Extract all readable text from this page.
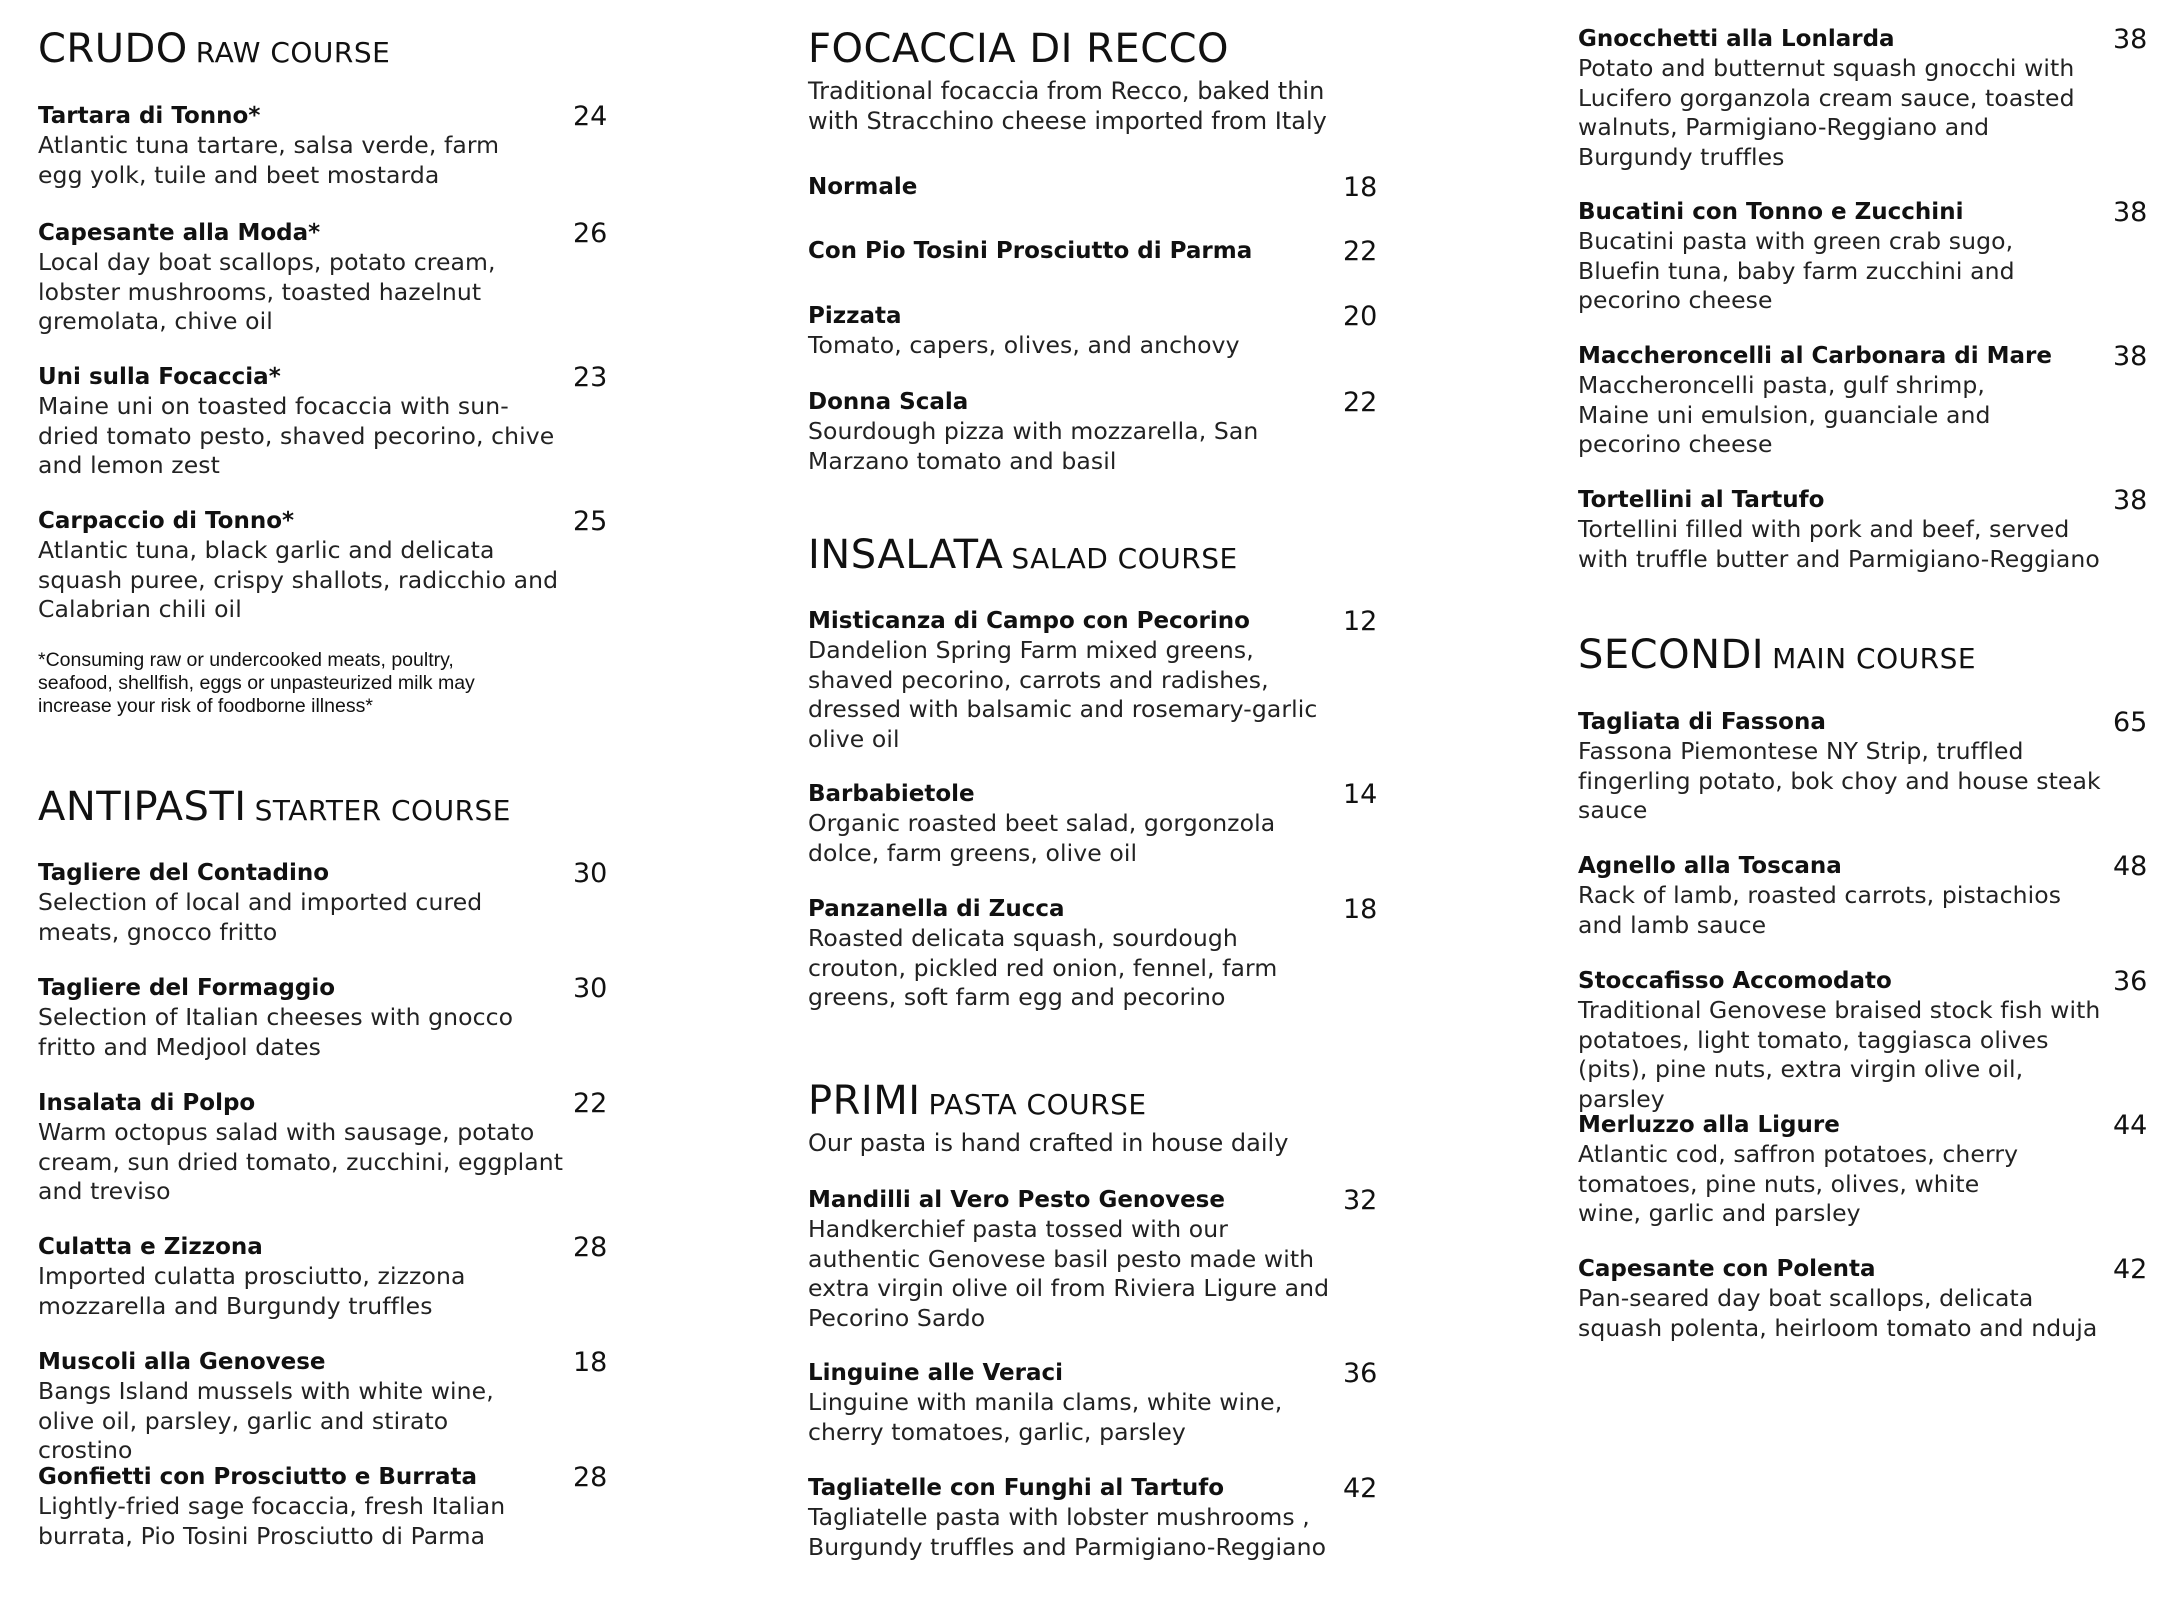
CRUDO RAW COURSE
Tartara di Tonno*	24
Atlantic tuna tartare, salsa verde, farm egg yolk, tuile and beet mostarda
Capesante alla Moda*	26
Local day boat scallops, potato cream, lobster mushrooms, toasted hazelnut gremolata, chive oil
Uni sulla Focaccia*	23
Maine uni on toasted focaccia with sun-dried tomato pesto, shaved pecorino, chive and lemon zest
Carpaccio di Tonno*	25
Atlantic tuna, black garlic and delicata squash puree, crispy shallots, radicchio and Calabrian chili oil
*Consuming raw or undercooked meats, poultry, seafood, shellfish, eggs or unpasteurized milk may increase your risk of foodborne illness*
ANTIPASTI STARTER COURSE
Tagliere del Contadino	30
Selection of local and imported cured meats, gnocco fritto
Tagliere del Formaggio	30
Selection of Italian cheeses with gnocco fritto and Medjool dates
Insalata di Polpo	22
Warm octopus salad with sausage, potato cream, sun dried tomato, zucchini, eggplant and treviso
Culatta e Zizzona	28
Imported culatta prosciutto, zizzona mozzarella and Burgundy truffles
Muscoli alla Genovese	18
Bangs Island mussels with white wine, olive oil, parsley, garlic and stirato crostino
Gonfietti con Prosciutto e Burrata	28
Lightly-fried sage focaccia, fresh Italian burrata, Pio Tosini Prosciutto di Parma
FOCACCIA DI RECCO
Traditional focaccia from Recco, baked thin with Stracchino cheese imported from Italy
Normale	18
Con Pio Tosini Prosciutto di Parma	22
Pizzata	20
Tomato, capers, olives, and anchovy
Donna Scala	22
Sourdough pizza with mozzarella, San Marzano tomato and basil
INSALATA SALAD COURSE
Misticanza di Campo con Pecorino	12
Dandelion Spring Farm mixed greens, shaved pecorino, carrots and radishes, dressed with balsamic and rosemary-garlic olive oil
Barbabietole	14
Organic roasted beet salad, gorgonzola dolce, farm greens, olive oil
Panzanella di Zucca	18
Roasted delicata squash, sourdough crouton, pickled red onion, fennel, farm greens, soft farm egg and pecorino
PRIMI PASTA COURSE
Our pasta is hand crafted in house daily
Mandilli al Vero Pesto Genovese	32
Handkerchief pasta tossed with our authentic Genovese basil pesto made with extra virgin olive oil from Riviera Ligure and Pecorino Sardo
Linguine alle Veraci	36
Linguine with manila clams, white wine, cherry tomatoes, garlic, parsley
Tagliatelle con Funghi al Tartufo	42
Tagliatelle pasta with lobster mushrooms , Burgundy truffles and Parmigiano-Reggiano
Gnocchetti alla Lonlarda	38
Potato and butternut squash gnocchi with Lucifero gorganzola cream sauce, toasted walnuts, Parmigiano-Reggiano and Burgundy truffles
Bucatini con Tonno e Zucchini	38
Bucatini pasta with green crab sugo, Bluefin tuna, baby farm zucchini and pecorino cheese
Maccheroncelli al Carbonara di Mare	38
Maccheroncelli pasta, gulf shrimp, Maine uni emulsion, guanciale and pecorino cheese
Tortellini al Tartufo	38
Tortellini filled with pork and beef, served with truffle butter and Parmigiano-Reggiano
SECONDI MAIN COURSE
Tagliata di Fassona	65
Fassona Piemontese NY Strip, truffled fingerling potato, bok choy and house steak sauce
Agnello alla Toscana	48
Rack of lamb, roasted carrots, pistachios and lamb sauce
Stoccafisso Accomodato	36
Traditional Genovese braised stock fish with potatoes, light tomato, taggiasca olives (pits), pine nuts, extra virgin olive oil, parsley
Merluzzo alla Ligure	44
Atlantic cod, saffron potatoes, cherry tomatoes, pine nuts, olives, white wine, garlic and parsley
Capesante con Polenta	42
Pan-seared day boat scallops, delicata squash polenta, heirloom tomato and nduja
